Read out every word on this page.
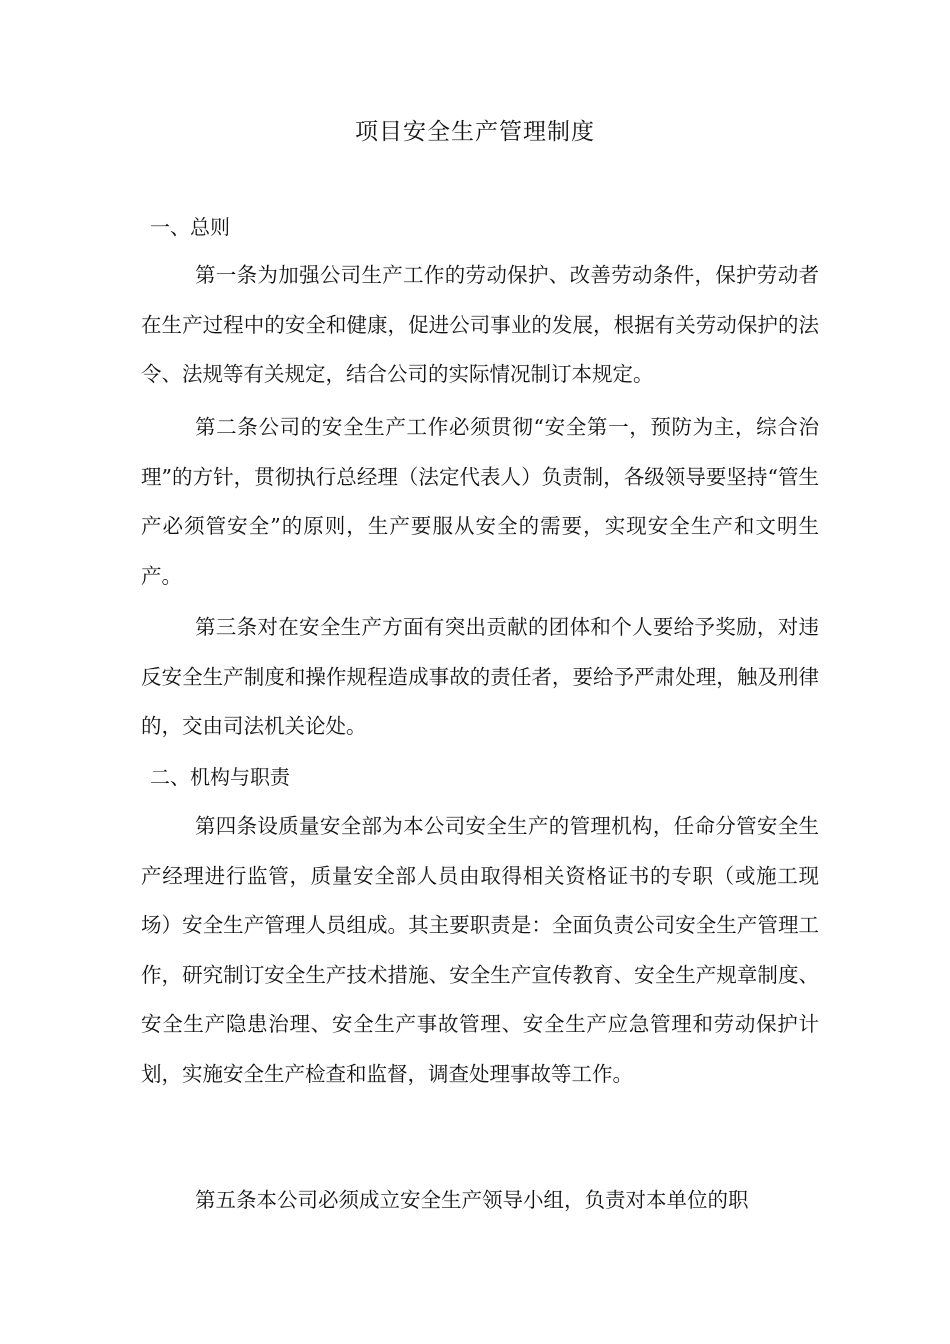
项目安全生产管理制度
一、总则

第一条为加强公司生产工作的劳动保护、改善劳动条件，保护劳动者在生产过程中的安全和健康，促进公司事业的发展，根据有关劳动保护的法令、法规等有关规定，结合公司的实际情况制订本规定。

第二条公司的安全生产工作必须贯彻“安全第一，预防为主，综合治理”的方针，贯彻执行总经理（法定代表人）负责制，各级领导要坚持“管生产必须管安全”的原则，生产要服从安全的需要，实现安全生产和文明生产。

第三条对在安全生产方面有突出贡献的团体和个人要给予奖励，对违反安全生产制度和操作规程造成事故的责任者，要给予严肃处理，触及刑律的，交由司法机关论处。

二、机构与职责

第四条设质量安全部为本公司安全生产的管理机构，任命分管安全生产经理进行监管，质量安全部人员由取得相关资格证书的专职（或施工现场）安全生产管理人员组成。其主要职责是：全面负责公司安全生产管理工作，研究制订安全生产技术措施、安全生产宣传教育、安全生产规章制度、安全生产隐患治理、安全生产事故管理、安全生产应急管理和劳动保护计划，实施安全生产检查和监督，调查处理事故等工作。

第五条本公司必须成立安全生产领导小组，负责对本单位的职
